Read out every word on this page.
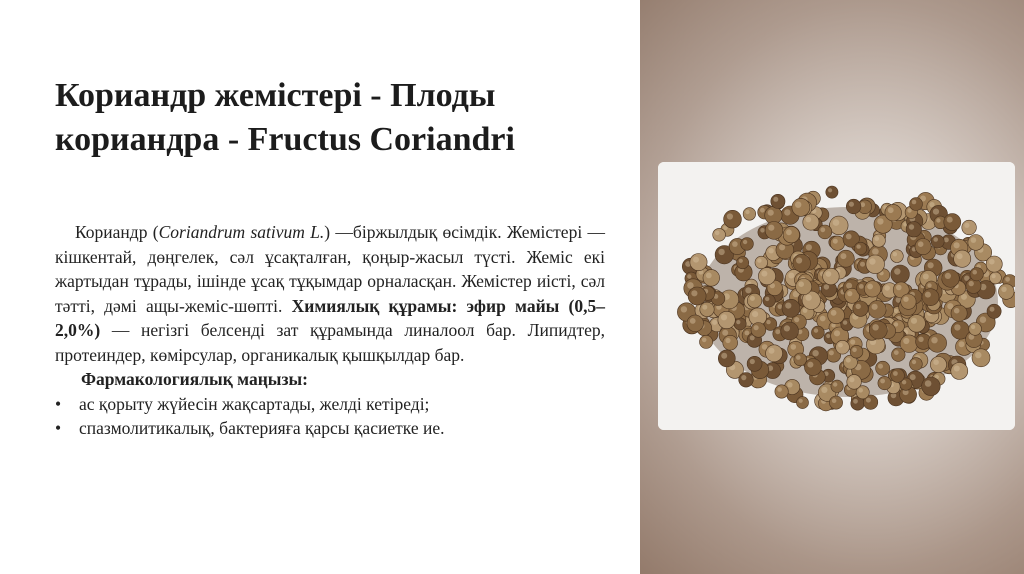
Кориандр жемістері - Плоды кориандра - Fructus Coriandri

Кориандр (Coriandrum sativum L.) —біржылдық өсімдік. Жемістері — кішкентай, дөңгелек, сәл ұсақталған, қоңыр-жасыл түсті. Жеміс екі жартыдан тұрады, ішінде ұсақ тұқымдар орналасқан. Жемістер иісті, сәл тәтті, дәмі ащы-жеміс-шөпті. Химиялық құрамы: эфир майы (0,5–2,0%) — негізгі белсенді зат құрамында линалоол бар. Липидтер, протеиндер, көмірсулар, органикалық қышқылдар бар.

Фармакологиялық маңызы:

• ас қорыту жүйесін жақсартады, желді кетіреді;
• спазмолитикалық, бактерияға қарсы қасиетке ие.
